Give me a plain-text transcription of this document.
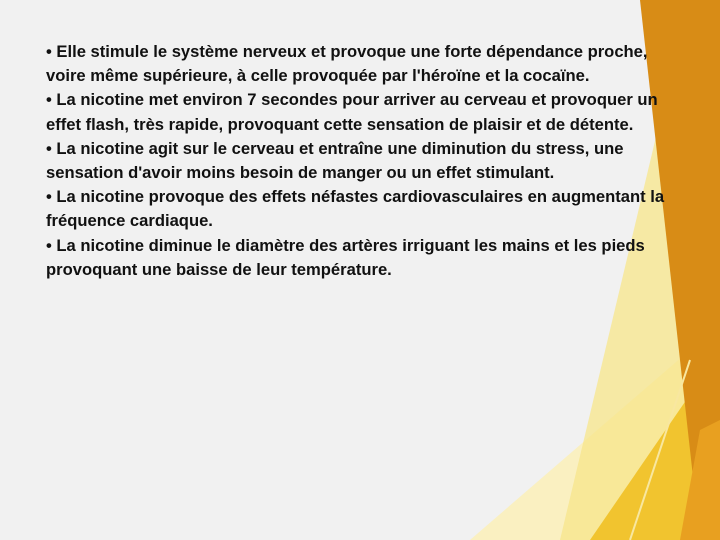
• Elle stimule le système nerveux et provoque une forte dépendance proche, voire même supérieure, à celle provoquée par l'héroïne et la cocaïne.

• La nicotine met environ 7 secondes pour arriver au cerveau et provoquer un effet flash, très rapide, provoquant cette sensation de plaisir et de détente.

• La nicotine agit sur le cerveau et entraîne une diminution du stress, une sensation d'avoir moins besoin de manger ou un effet stimulant.

• La nicotine provoque des effets néfastes cardiovasculaires en augmentant la fréquence cardiaque.

• La nicotine diminue le diamètre des artères irriguant les mains et les pieds provoquant une baisse de leur température.
